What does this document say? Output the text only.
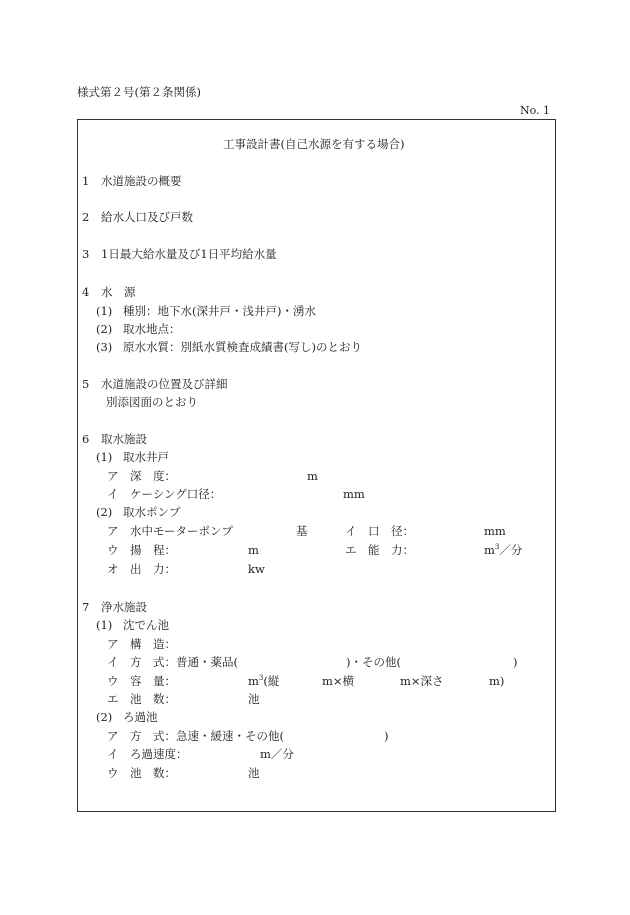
様式第２号(第２条関係)
No. 1
工事設計書(自己水源を有する場合)
1 水道施設の概要
2 給水人口及び戸数
3 1日最大給水量及び1日平均給水量
4 水　源
(1) 種別：地下水(深井戸・浅井戸)・湧水
(2) 取水地点：
(3) 原水水質：別紙水質検査成績書(写し)のとおり
5 水道施設の位置及び詳細
別添図面のとおり
6 取水施設
(1) 取水井戸
ア 深　度：	m
イ ケーシング口径：	mm
(2) 取水ポンプ
ア 水中モーターポンプ	基	イ 口　径：	mm
ウ 揚　程：	m	エ 能　力：	$m^3/$分
オ 出　力：	kw
7 浄水施設
(1) 沈でん池
ア 構　造：
イ 方　式：普通・薬品(	)・その他(	)
ウ 容　量：	$m^3$(縦	m×横	m×深さ	m)
エ 池　数：	池
(2) ろ過池
ア 方　式：急速・緩速・その他(	)
イ ろ過速度：	m／分
ウ 池　数：	池
